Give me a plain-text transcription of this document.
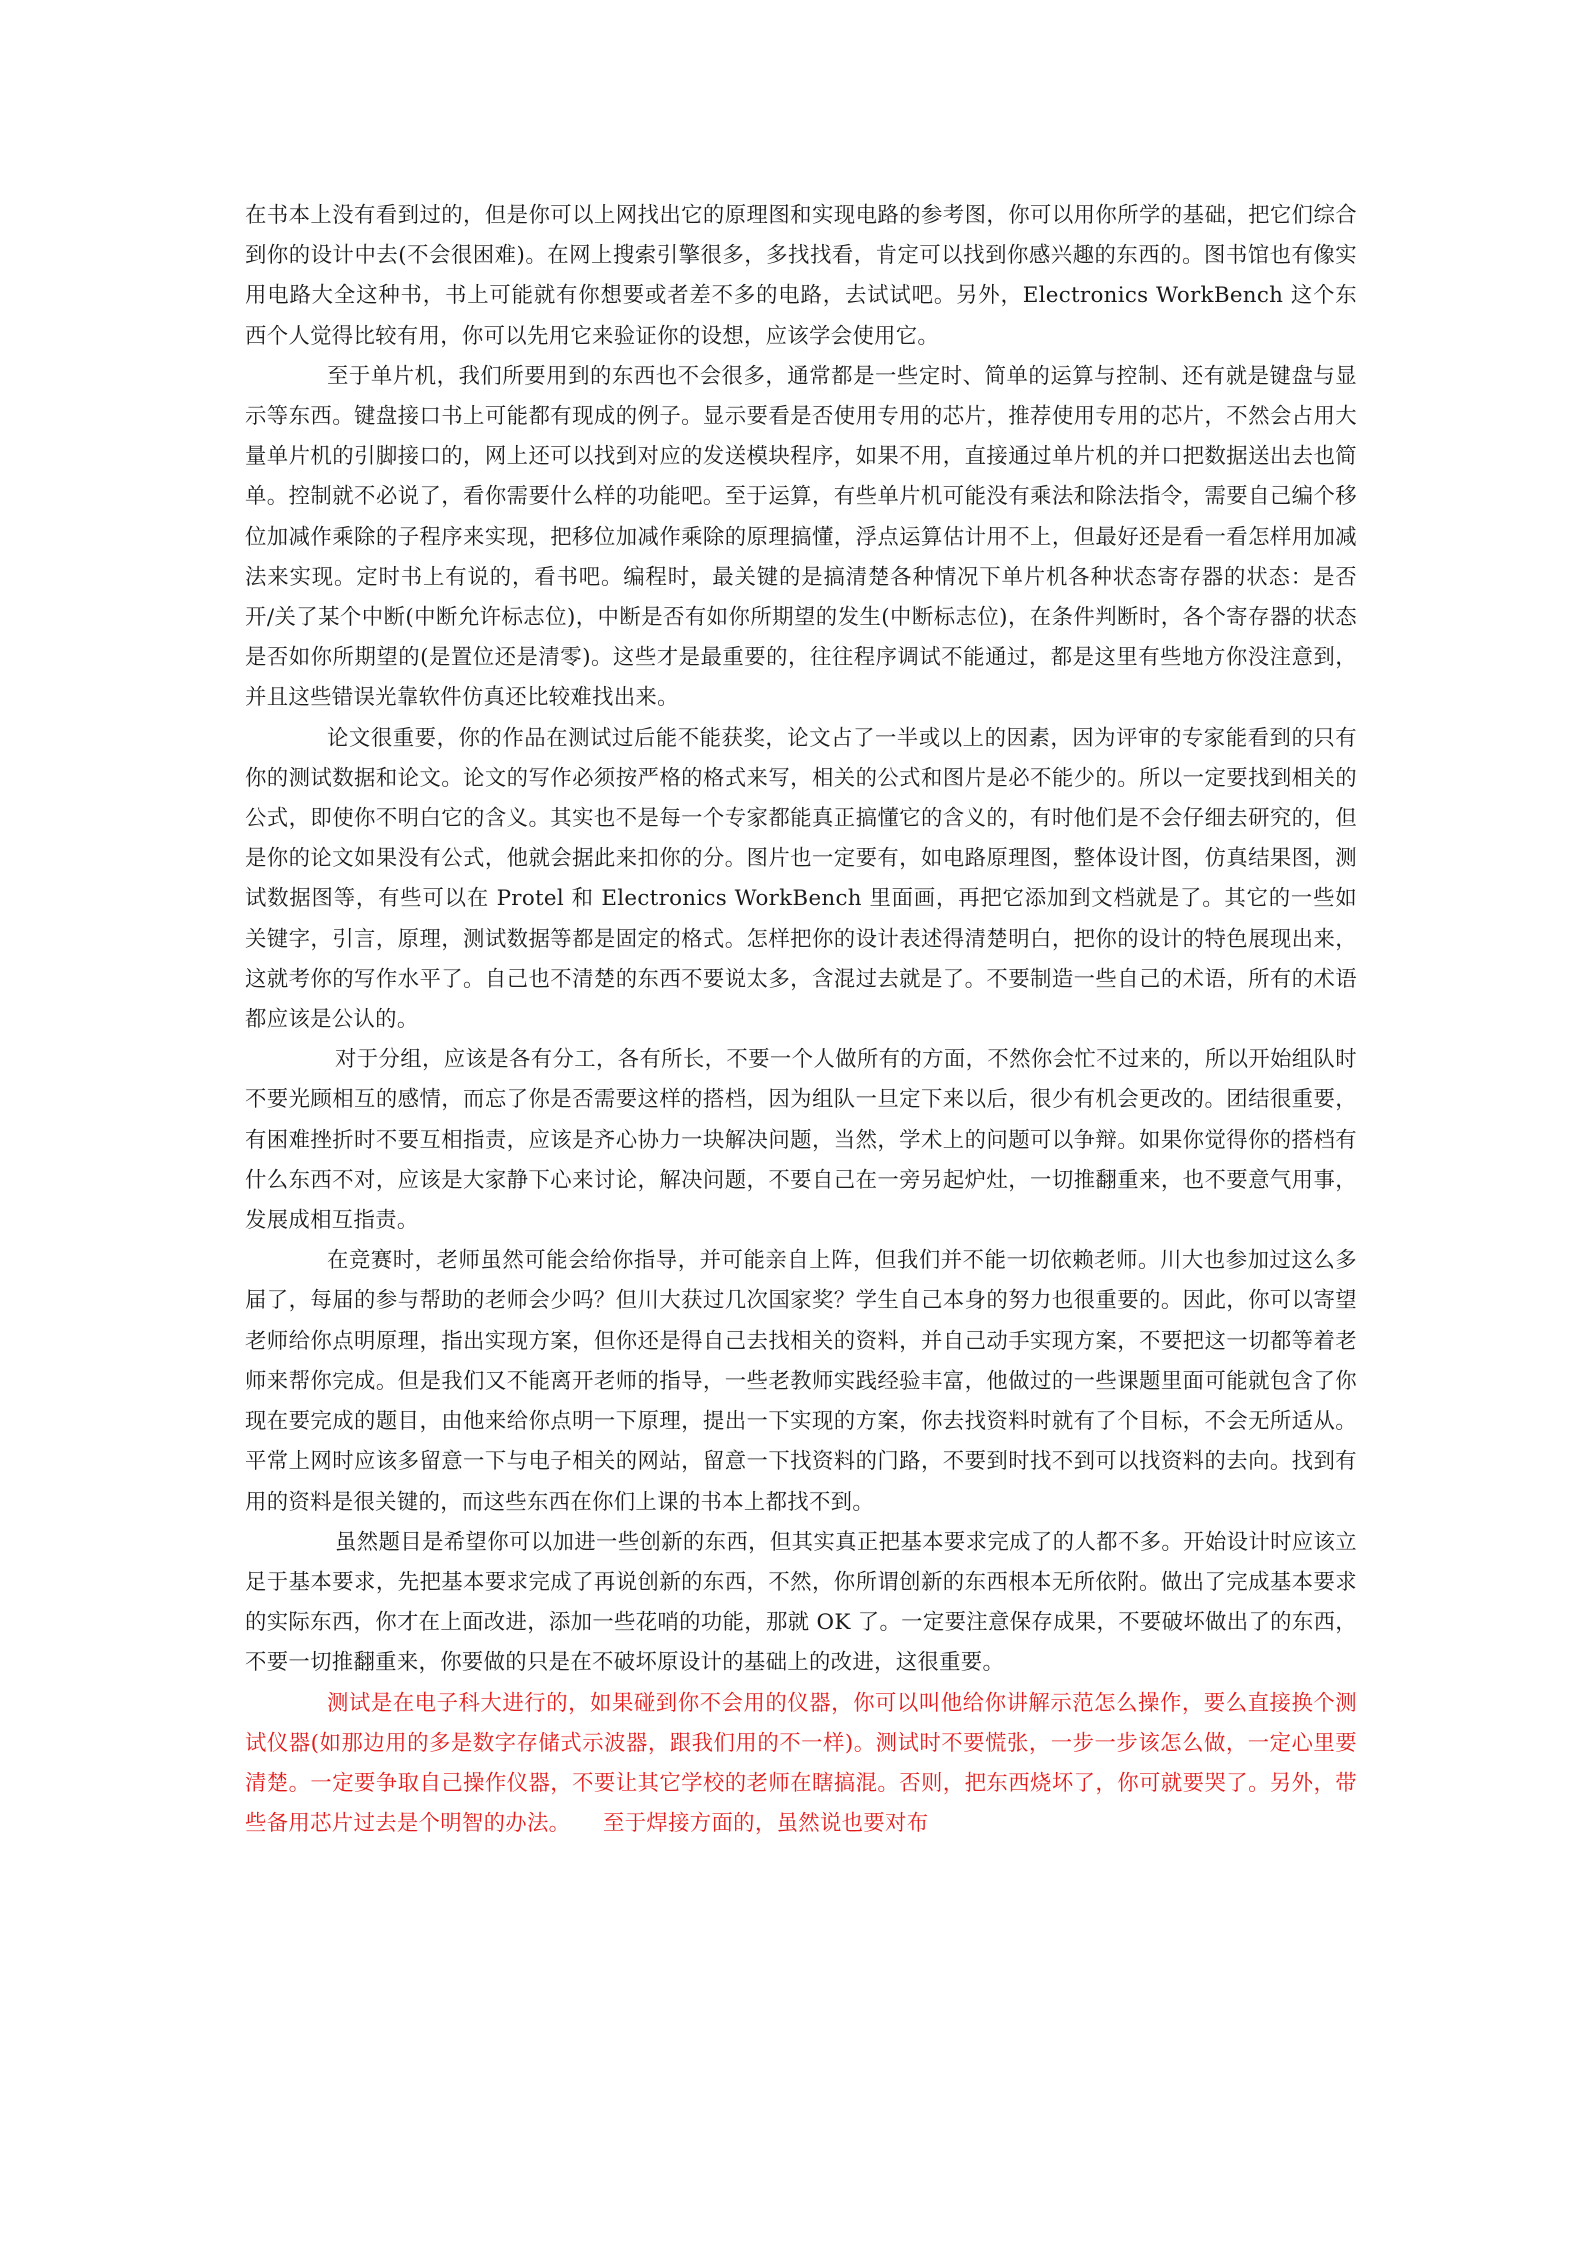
在书本上没有看到过的，但是你可以上网找出它的原理图和实现电路的参考图，你可以用你所学的基础，把它们综合到你的设计中去(不会很困难)。在网上搜索引擎很多，多找找看，肯定可以找到你感兴趣的东西的。图书馆也有像实用电路大全这种书，书上可能就有你想要或者差不多的电路，去试试吧。另外，Electronics WorkBench 这个东西个人觉得比较有用，你可以先用它来验证你的设想，应该学会使用它。

至于单片机，我们所要用到的东西也不会很多，通常都是一些定时、简单的运算与控制、还有就是键盘与显示等东西。键盘接口书上可能都有现成的例子。显示要看是否使用专用的芯片，推荐使用专用的芯片，不然会占用大量单片机的引脚接口的，网上还可以找到对应的发送模块程序，如果不用，直接通过单片机的并口把数据送出去也简单。控制就不必说了，看你需要什么样的功能吧。至于运算，有些单片机可能没有乘法和除法指令，需要自己编个移位加减作乘除的子程序来实现，把移位加减作乘除的原理搞懂，浮点运算估计用不上，但最好还是看一看怎样用加减法来实现。定时书上有说的，看书吧。编程时，最关键的是搞清楚各种情况下单片机各种状态寄存器的状态：是否开/关了某个中断(中断允许标志位)，中断是否有如你所期望的发生(中断标志位)，在条件判断时，各个寄存器的状态是否如你所期望的(是置位还是清零)。这些才是最重要的，往往程序调试不能通过，都是这里有些地方你没注意到，并且这些错误光靠软件仿真还比较难找出来。

论文很重要，你的作品在测试过后能不能获奖，论文占了一半或以上的因素，因为评审的专家能看到的只有你的测试数据和论文。论文的写作必须按严格的格式来写，相关的公式和图片是必不能少的。所以一定要找到相关的公式，即使你不明白它的含义。其实也不是每一个专家都能真正搞懂它的含义的，有时他们是不会仔细去研究的，但是你的论文如果没有公式，他就会据此来扣你的分。图片也一定要有，如电路原理图，整体设计图，仿真结果图，测试数据图等，有些可以在 Protel 和 Electronics WorkBench 里面画，再把它添加到文档就是了。其它的一些如关键字，引言，原理，测试数据等都是固定的格式。怎样把你的设计表述得清楚明白，把你的设计的特色展现出来，这就考你的写作水平了。自己也不清楚的东西不要说太多，含混过去就是了。不要制造一些自己的术语，所有的术语都应该是公认的。

对于分组，应该是各有分工，各有所长，不要一个人做所有的方面，不然你会忙不过来的，所以开始组队时不要光顾相互的感情，而忘了你是否需要这样的搭档，因为组队一旦定下来以后，很少有机会更改的。团结很重要，有困难挫折时不要互相指责，应该是齐心协力一块解决问题，当然，学术上的问题可以争辩。如果你觉得你的搭档有什么东西不对，应该是大家静下心来讨论，解决问题，不要自己在一旁另起炉灶，一切推翻重来，也不要意气用事，发展成相互指责。

在竞赛时，老师虽然可能会给你指导，并可能亲自上阵，但我们并不能一切依赖老师。川大也参加过这么多届了，每届的参与帮助的老师会少吗？但川大获过几次国家奖？学生自己本身的努力也很重要的。因此，你可以寄望老师给你点明原理，指出实现方案，但你还是得自己去找相关的资料，并自己动手实现方案，不要把这一切都等着老师来帮你完成。但是我们又不能离开老师的指导，一些老教师实践经验丰富，他做过的一些课题里面可能就包含了你现在要完成的题目，由他来给你点明一下原理，提出一下实现的方案，你去找资料时就有了个目标，不会无所适从。平常上网时应该多留意一下与电子相关的网站，留意一下找资料的门路，不要到时找不到可以找资料的去向。找到有用的资料是很关键的，而这些东西在你们上课的书本上都找不到。

虽然题目是希望你可以加进一些创新的东西，但其实真正把基本要求完成了的人都不多。开始设计时应该立足于基本要求，先把基本要求完成了再说创新的东西，不然，你所谓创新的东西根本无所依附。做出了完成基本要求的实际东西，你才在上面改进，添加一些花哨的功能，那就 OK 了。一定要注意保存成果，不要破坏做出了的东西，不要一切推翻重来，你要做的只是在不破坏原设计的基础上的改进，这很重要。

测试是在电子科大进行的，如果碰到你不会用的仪器，你可以叫他给你讲解示范怎么操作，要么直接换个测试仪器(如那边用的多是数字存储式示波器，跟我们用的不一样)。测试时不要慌张，一步一步该怎么做，一定心里要清楚。一定要争取自己操作仪器，不要让其它学校的老师在瞎搞混。否则，把东西烧坏了，你可就要哭了。另外，带些备用芯片过去是个明智的办法。　　至于焊接方面的，虽然说也要对布
